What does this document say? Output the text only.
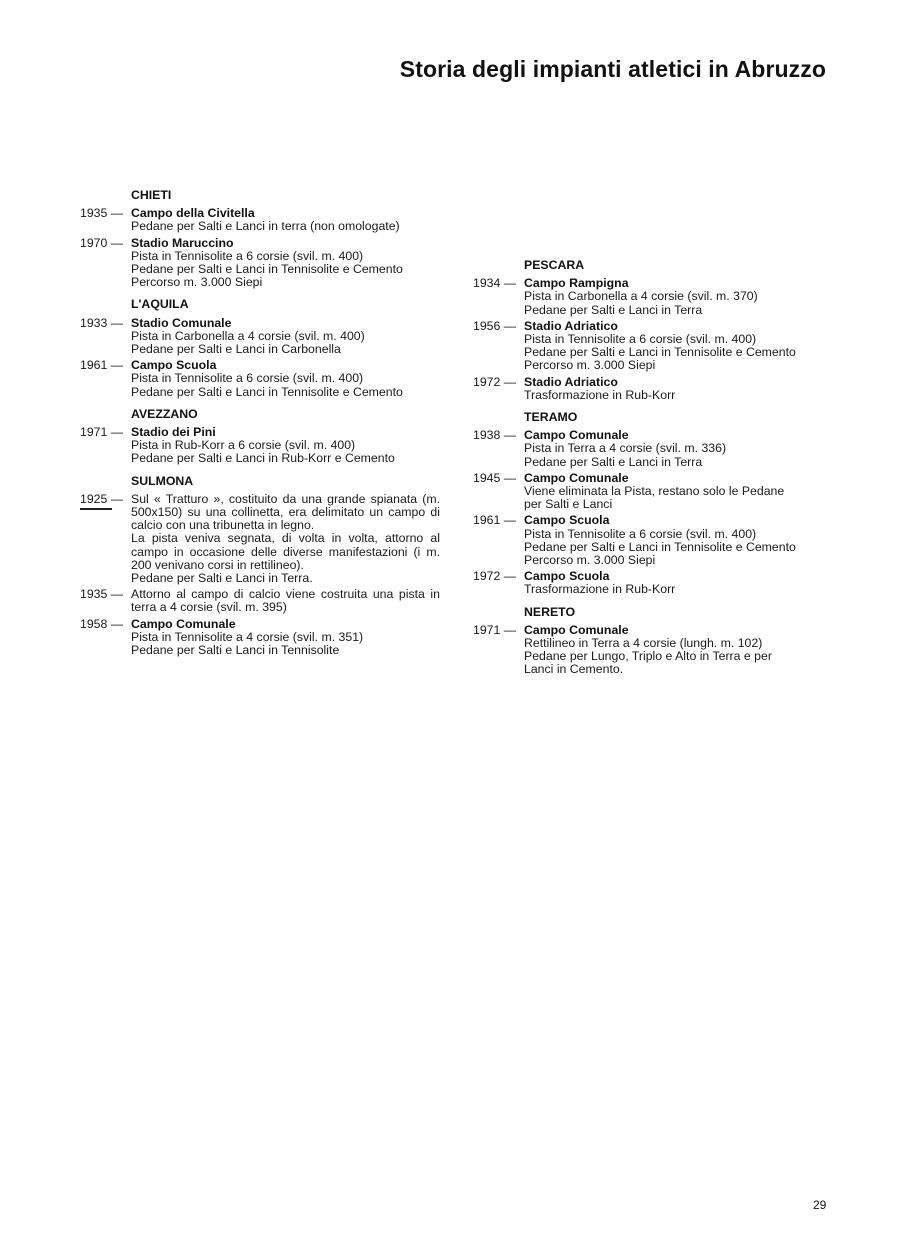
Storia degli impianti atletici in Abruzzo
CHIETI
1935 — Campo della Civitella
Pedane per Salti e Lanci in terra (non omologate)
1970 — Stadio Maruccino
Pista in Tennisolite a 6 corsie (svil. m. 400)
Pedane per Salti e Lanci in Tennisolite e Cemento
Percorso m. 3.000 Siepi
L'AQUILA
1933 — Stadio Comunale
Pista in Carbonella a 4 corsie (svil. m. 400)
Pedane per Salti e Lanci in Carbonella
1961 — Campo Scuola
Pista in Tennisolite a 6 corsie (svil. m. 400)
Pedane per Salti e Lanci in Tennisolite e Cemento
AVEZZANO
1971 — Stadio dei Pini
Pista in Rub-Korr a 6 corsie (svil. m. 400)
Pedane per Salti e Lanci in Rub-Korr e Cemento
SULMONA
1925 — Sul « Tratturo », costituito da una grande spianata (m. 500x150) su una collinetta, era delimitato un campo di calcio con una tribunetta in legno.
La pista veniva segnata, di volta in volta, attorno al campo in occasione delle diverse manifestazioni (i m. 200 venivano corsi in rettilineo).
Pedane per Salti e Lanci in Terra.
1935 — Attorno al campo di calcio viene costruita una pista in terra a 4 corsie (svil. m. 395)
1958 — Campo Comunale
Pista in Tennisolite a 4 corsie (svil. m. 351)
Pedane per Salti e Lanci in Tennisolite
PESCARA
1934 — Campo Rampigna
Pista in Carbonella a 4 corsie (svil. m. 370)
Pedane per Salti e Lanci in Terra
1956 — Stadio Adriatico
Pista in Tennisolite a 6 corsie (svil. m. 400)
Pedane per Salti e Lanci in Tennisolite e Cemento
Percorso m. 3.000 Siepi
1972 — Stadio Adriatico
Trasformazione in Rub-Korr
TERAMO
1938 — Campo Comunale
Pista in Terra a 4 corsie (svil. m. 336)
Pedane per Salti e Lanci in Terra
1945 — Campo Comunale
Viene eliminata la Pista, restano solo le Pedane
per Salti e Lanci
1961 — Campo Scuola
Pista in Tennisolite a 6 corsie (svil. m. 400)
Pedane per Salti e Lanci in Tennisolite e Cemento
Percorso m. 3.000 Siepi
1972 — Campo Scuola
Trasformazione in Rub-Korr
NERETO
1971 — Campo Comunale
Rettilineo in Terra a 4 corsie (lungh. m. 102)
Pedane per Lungo, Triplo e Alto in Terra e per
Lanci in Cemento.
29
